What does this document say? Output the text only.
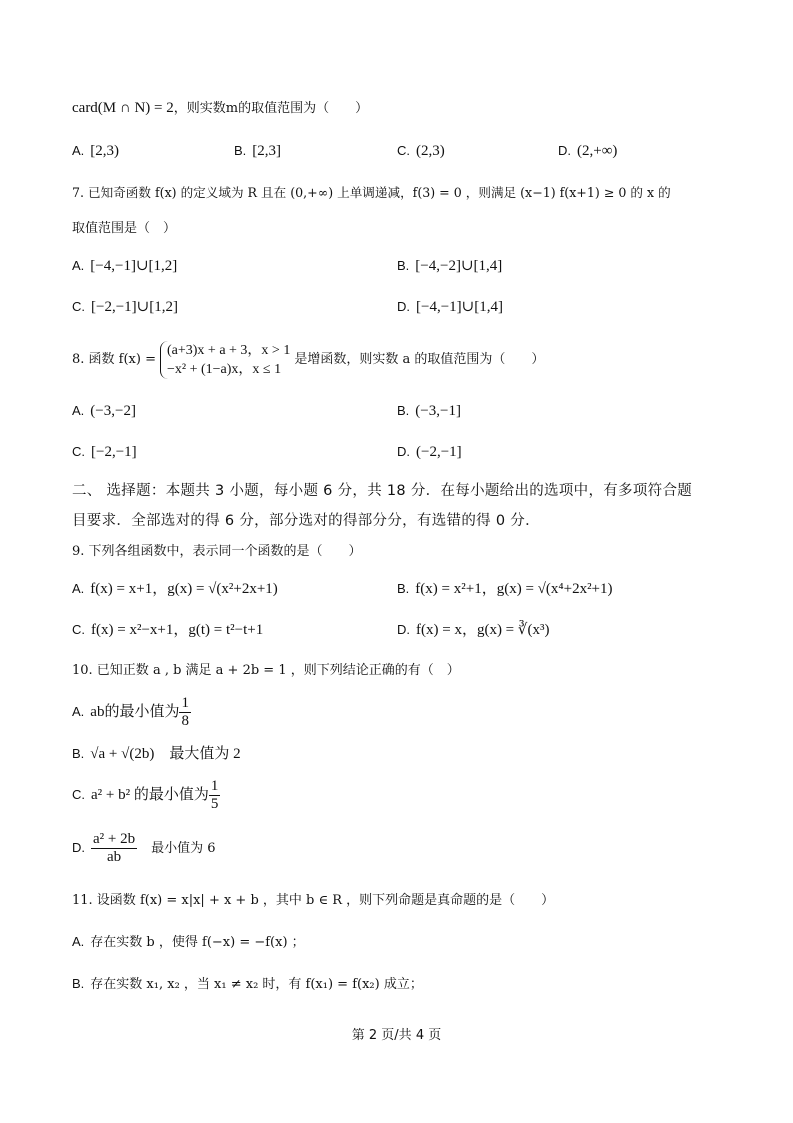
card(M ∩ N) = 2，则实数m的取值范围为（　　）
A. [2,3)	B. [2,3]	C. (2,3)	D. (2,+∞)
7. 已知奇函数 f(x) 的定义域为 R 且在 (0,+∞) 上单调递减，f(3) = 0 ，则满足 (x−1) f(x+1) ≥ 0 的 x 的
取值范围是（　）
A. [−4,−1]∪[1,2]	B. [−4,−2]∪[1,4]
C. [−2,−1]∪[1,2]	D. [−4,−1]∪[1,4]
8. 函数 f(x) =
(a+3)x + a + 3，x > 1
−x² + (1−a)x，x ≤ 1
是增函数，则实数 a 的取值范围为（　　）
A. (−3,−2]	B. (−3,−1]
C. [−2,−1]	D. (−2,−1]
二、 选择题：本题共 3 小题，每小题 6 分，共 18 分．在每小题给出的选项中，有多项符合题
目要求．全部选对的得 6 分，部分选对的得部分分，有选错的得 0 分．
9. 下列各组函数中，表示同一个函数的是（　　）
A. f(x) = x+1，g(x) = √(x²+2x+1)	B. f(x) = x²+1，g(x) = √(x⁴+2x²+1)
C. f(x) = x²−x+1，g(t) = t²−t+1	D. f(x) = x，g(x) = ∛(x³)
10. 已知正数 a , b 满足 a + 2b = 1 ，则下列结论正确的有（　）
A. ab的最小值为 $\frac{1}{8}$
B. √a + √(2b)　最大值为 2
C. a² + b² 的最小值为 $\frac{1}{5}$
D. $\frac{\text{a² + 2b}}{ab}$ 最小值为 6
11. 设函数 f(x) = x|x| + x + b ，其中 b ∈ R ，则下列命题是真命题的是（　　）
A. 存在实数 b ，使得 f(−x) = −f(x) ；
B. 存在实数 x₁, x₂ ，当 x₁ ≠ x₂ 时，有 f(x₁) = f(x₂) 成立；
第 2 页/共 4 页
